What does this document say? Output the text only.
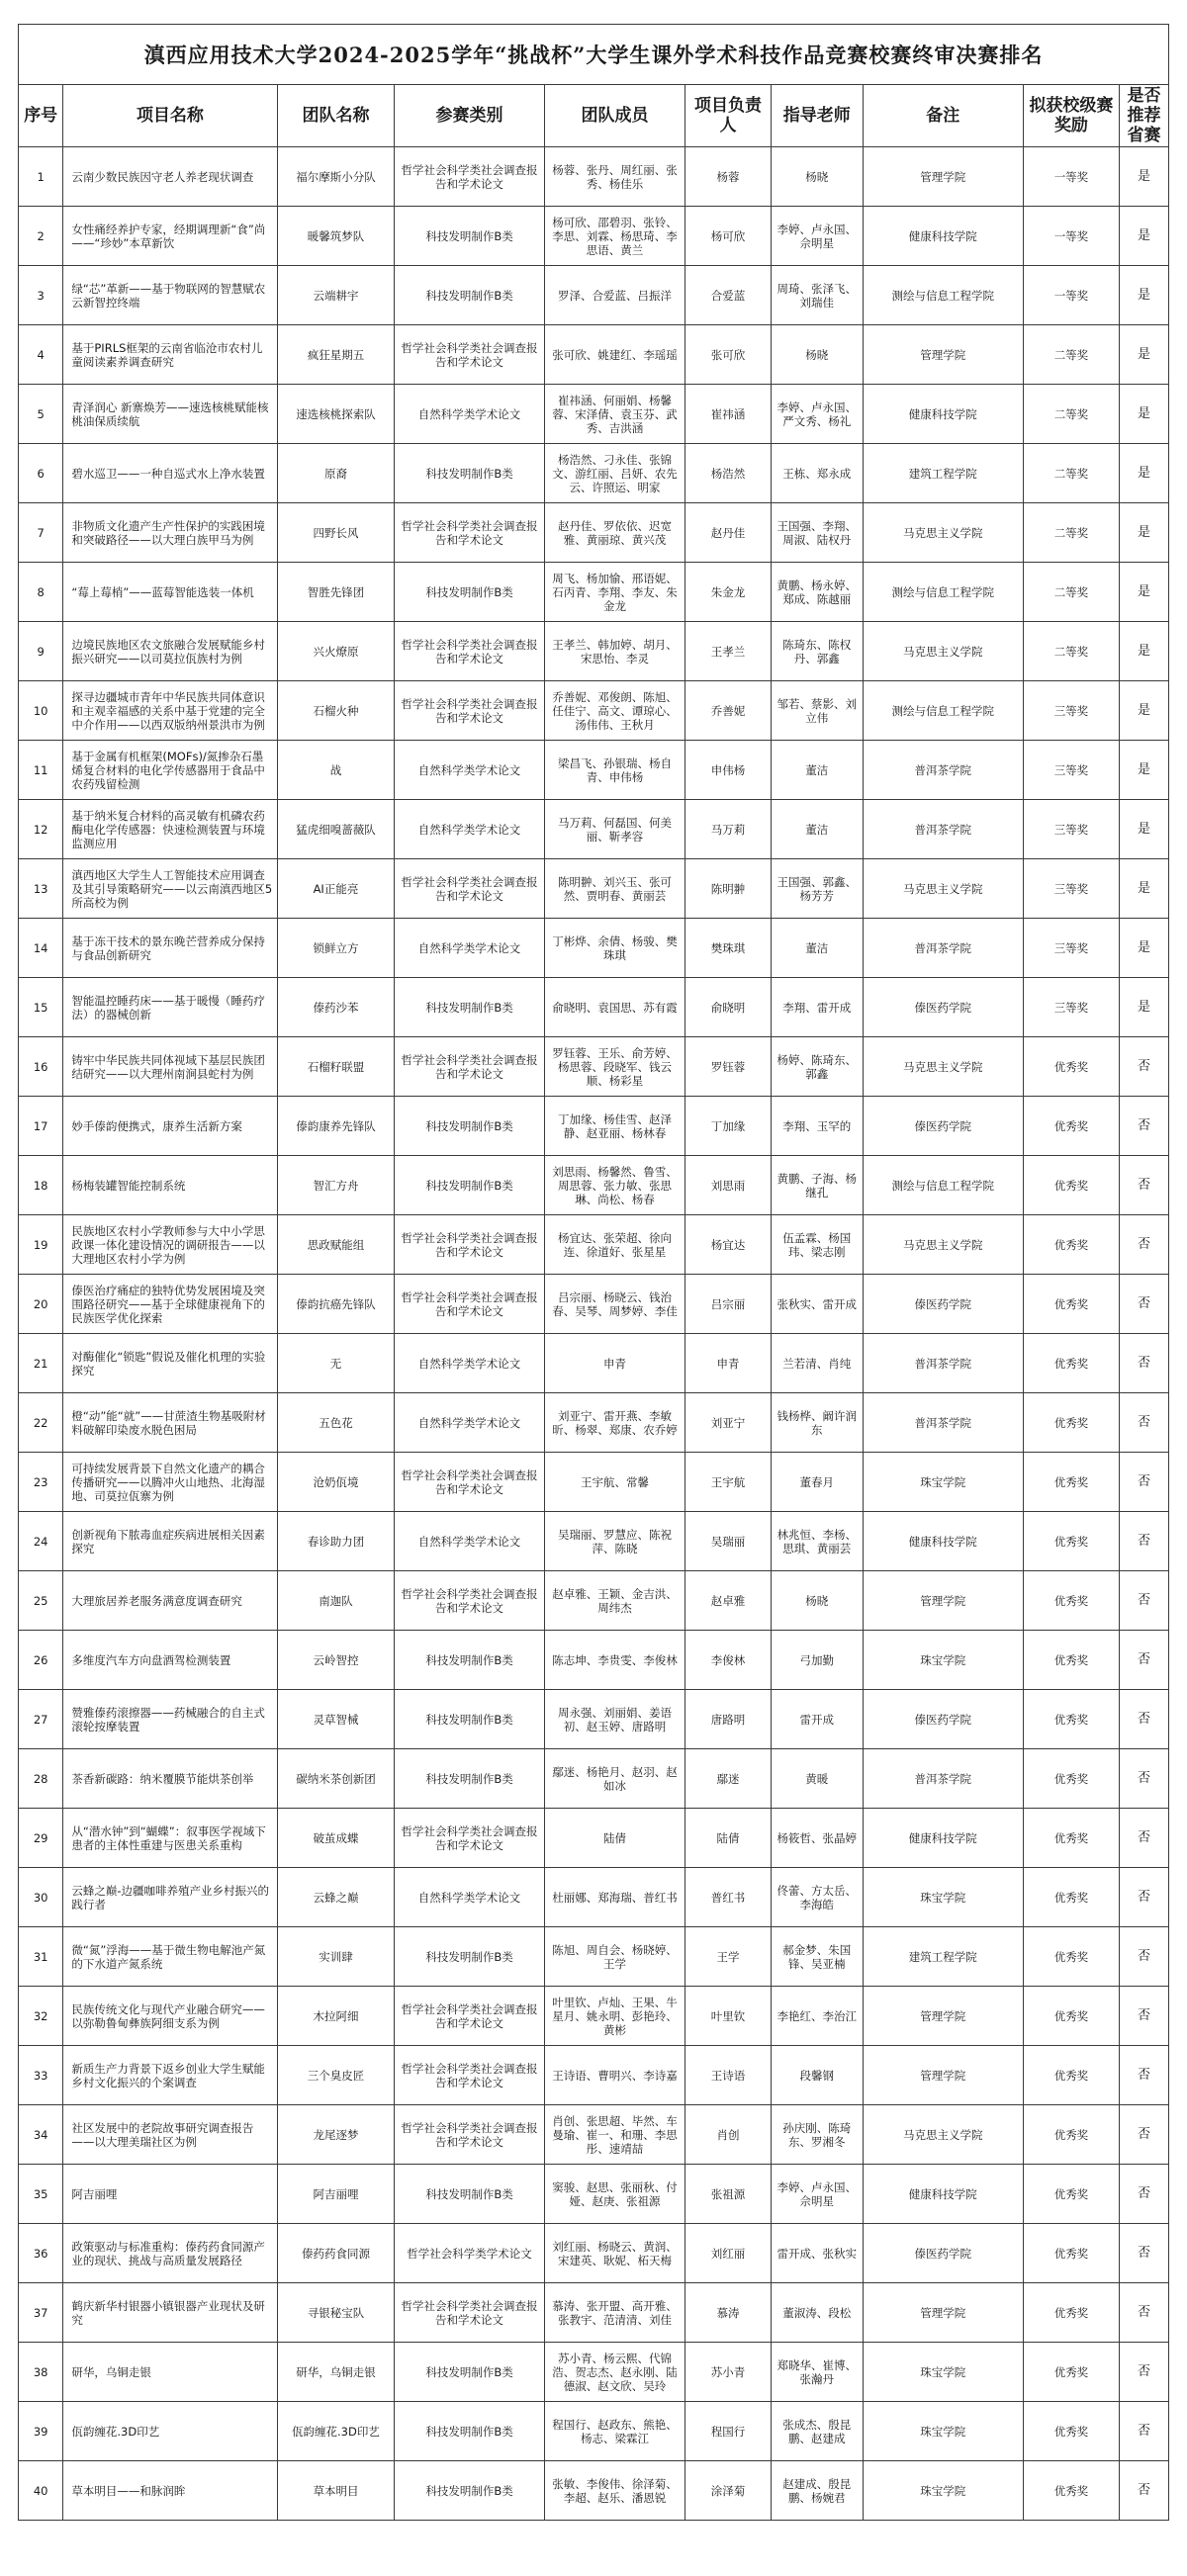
滇西应用技术大学2024-2025学年“挑战杯”大学生课外学术科技作品竞赛校赛终审决赛排名									
序号	项目名称	团队名称	参赛类别	团队成员	项目负责人	指导老师	备注	拟获校级赛奖励	是否推荐省赛
1	云南少数民族因守老人养老现状调查	福尔摩斯小分队	哲学社会科学类社会调查报告和学术论文	杨蓉、张丹、周红丽、张秀、杨佳乐	杨蓉	杨晓	管理学院	一等奖	是
2	女性痛经养护专家，经期调理新“食”尚——“珍妙”本草新饮	暖馨筑梦队	科技发明制作B类	杨可欣、邵碧羽、张铃、李思、刘霖、杨思琦、李思语、黄兰	杨可欣	李婷、卢永国、佘明星	健康科技学院	一等奖	是
3	绿“芯”革新——基于物联网的智慧赋农云新智控终端	云端耕宇	科技发明制作B类	罗泽、合爱蓝、吕振洋	合爱蓝	周琦、张泽飞、刘瑞佳	测绘与信息工程学院	一等奖	是
4	基于PIRLS框架的云南省临沧市农村儿童阅读素养调查研究	疯狂星期五	哲学社会科学类社会调查报告和学术论文	张可欣、姚建红、李瑶瑶	张可欣	杨晓	管理学院	二等奖	是
5	青泽润心 新寨焕芳——速选核桃赋能核桃油保质续航	速选核桃探索队	自然科学类学术论文	崔祎涵、何丽娟、杨馨蓉、宋泽倩、袁玉芬、武秀、吉洪涵	崔祎涵	李婷、卢永国、严文秀、杨礼	健康科技学院	二等奖	是
6	碧水巡卫——一种自巡式水上净水装置	原裔	科技发明制作B类	杨浩然、刁永佳、张锦文、游红丽、吕妍、农先云、许照运、明家	杨浩然	王栋、郑永成	建筑工程学院	二等奖	是
7	非物质文化遗产生产性保护的实践困境和突破路径——以大理白族甲马为例	四野长风	哲学社会科学类社会调查报告和学术论文	赵丹佳、罗依依、迟宽雅、黄丽琼、黄兴茂	赵丹佳	王国强、李翔、周淑、陆权丹	马克思主义学院	二等奖	是
8	“莓上莓梢”——蓝莓智能选装一体机	智胜先锋团	科技发明制作B类	周飞、杨加愉、邢语妮、石丙青、李翔、李友、朱金龙	朱金龙	黄鹏、杨永婷、郑成、陈越丽	测绘与信息工程学院	二等奖	是
9	边境民族地区农文旅融合发展赋能乡村振兴研究——以司莫拉佤族村为例	兴火燎原	哲学社会科学类社会调查报告和学术论文	王孝兰、韩加婷、胡月、宋思怡、李灵	王孝兰	陈琦东、陈权丹、郭鑫	马克思主义学院	二等奖	是
10	探寻边疆城市青年中华民族共同体意识和主观幸福感的关系中基于党建的完全中介作用——以西双版纳州景洪市为例	石榴火种	哲学社会科学类社会调查报告和学术论文	乔善妮、邓俊朗、陈旭、任佳宁、高文、谭琼心、汤伟伟、王秋月	乔善妮	邹若、蔡影、刘立伟	测绘与信息工程学院	三等奖	是
11	基于金属有机框架(MOFs)/氮掺杂石墨烯复合材料的电化学传感器用于食品中农药残留检测	战	自然科学类学术论文	梁昌飞、孙银瑞、杨自青、申伟杨	申伟杨	董洁	普洱茶学院	三等奖	是
12	基于纳米复合材料的高灵敏有机磷农药酶电化学传感器：快速检测装置与环境监测应用	猛虎细嗅蔷薇队	自然科学类学术论文	马万莉、何磊国、何美丽、靳孝容	马万莉	董洁	普洱茶学院	三等奖	是
13	滇西地区大学生人工智能技术应用调查及其引导策略研究——以云南滇西地区5所高校为例	AI正能亮	哲学社会科学类社会调查报告和学术论文	陈明翀、刘兴玉、张可然、贾明春、黄丽芸	陈明翀	王国强、郭鑫、杨芳芳	马克思主义学院	三等奖	是
14	基于冻干技术的景东晚芒营养成分保持与食品创新研究	锁鲜立方	自然科学类学术论文	丁彬烨、余倩、杨骏、樊珠琪	樊珠琪	董洁	普洱茶学院	三等奖	是
15	智能温控睡药床——基于暖慢（睡药疗法）的器械创新	傣药沙苯	科技发明制作B类	俞晓明、袁国思、苏有霞	俞晓明	李翔、雷开成	傣医药学院	三等奖	是
16	铸牢中华民族共同体视域下基层民族团结研究——以大理州南涧县蛇村为例	石榴籽联盟	哲学社会科学类社会调查报告和学术论文	罗钰蓉、王乐、俞芳婷、杨思蓉、段晓军、钱云顺、杨彩星	罗钰蓉	杨婷、陈琦东、郭鑫	马克思主义学院	优秀奖	否
17	妙手傣韵便携式，康养生活新方案	傣韵康养先锋队	科技发明制作B类	丁加缘、杨佳雪、赵泽静、赵亚丽、杨林春	丁加缘	李翔、玉罕的	傣医药学院	优秀奖	否
18	杨梅装罐智能控制系统	智汇方舟	科技发明制作B类	刘思雨、杨馨然、鲁雪、周思蓉、张力敏、张思琳、尚松、杨春	刘思雨	黄鹏、子海、杨继孔	测绘与信息工程学院	优秀奖	否
19	民族地区农村小学教师参与大中小学思政课一体化建设情况的调研报告——以大理地区农村小学为例	思政赋能组	哲学社会科学类社会调查报告和学术论文	杨宜达、张荣超、徐向连、徐道好、张星星	杨宜达	伍孟霖、杨国玮、梁志刚	马克思主义学院	优秀奖	否
20	傣医治疗痛症的独特优势发展困境及突围路径研究——基于全球健康视角下的民族医学优化探索	傣韵抗癌先锋队	哲学社会科学类社会调查报告和学术论文	吕宗丽、杨晓云、钱治春、吴琴、周梦婷、李佳	吕宗丽	张秋实、雷开成	傣医药学院	优秀奖	否
21	对酶催化“锁匙”假说及催化机理的实验探究	无	自然科学类学术论文	申青	申青	兰若清、肖纯	普洱茶学院	优秀奖	否
22	橙“动”能“就”——甘蔗渣生物基吸附材料破解印染废水脱色困局	五色花	自然科学类学术论文	刘亚宁、雷开燕、李敏昕、杨翠、郑康、农乔婷	刘亚宁	钱杨桦、阚许润东	普洱茶学院	优秀奖	否
23	可持续发展背景下自然文化遗产的耦合传播研究——以腾冲火山地热、北海湿地、司莫拉佤寨为例	沧奶佤境	哲学社会科学类社会调查报告和学术论文	王宇航、常馨	王宇航	董春月	珠宝学院	优秀奖	否
24	创新视角下脓毒血症疾病进展相关因素探究	春诊助力团	自然科学类学术论文	吴瑞丽、罗慧应、陈祝萍、陈晓	吴瑞丽	林兆恒、李杨、思琪、黄丽芸	健康科技学院	优秀奖	否
25	大理旅居养老服务满意度调查研究	南迦队	哲学社会科学类社会调查报告和学术论文	赵卓雅、王颖、金吉洪、周纬杰	赵卓雅	杨晓	管理学院	优秀奖	否
26	多维度汽车方向盘酒驾检测装置	云岭智控	科技发明制作B类	陈志坤、李贵雯、李俊林	李俊林	弓加勤	珠宝学院	优秀奖	否
27	赞雅傣药滚擦器——药械融合的自主式滚轮按摩装置	灵草智械	科技发明制作B类	周永强、刘丽娟、姜语初、赵玉婷、唐路明	唐路明	雷开成	傣医药学院	优秀奖	否
28	茶香新碳路：纳米覆膜节能烘茶创举	碳纳米茶创新团	科技发明制作B类	鄢迷、杨艳月、赵羽、赵如冰	鄢迷	黄暖	普洱茶学院	优秀奖	否
29	从“潜水钟”到“蝴蝶”：叙事医学视域下患者的主体性重建与医患关系重构	破茧成蝶	哲学社会科学类社会调查报告和学术论文	陆倩	陆倩	杨筱哲、张晶婷	健康科技学院	优秀奖	否
30	云蜂之巅-边疆咖啡养殖产业乡村振兴的践行者	云蜂之巅	自然科学类学术论文	杜丽娜、郑海瑞、普红书	普红书	佟蕾、方太岳、李海皓	珠宝学院	优秀奖	否
31	微“氮”浮海——基于微生物电解池产氮的下水道产氮系统	实训肆	科技发明制作B类	陈旭、周自会、杨晓婷、王学	王学	郝金梦、朱国锋、吴亚楠	建筑工程学院	优秀奖	否
32	民族传统文化与现代产业融合研究——以弥勒鲁甸彝族阿细支系为例	木拉阿细	哲学社会科学类社会调查报告和学术论文	叶里钦、卢灿、王果、牛星月、姚永明、彭艳玲、黄彬	叶里钦	李艳红、李治江	管理学院	优秀奖	否
33	新质生产力背景下返乡创业大学生赋能乡村文化振兴的个案调查	三个臭皮匠	哲学社会科学类社会调查报告和学术论文	王诗语、曹明兴、李诗嘉	王诗语	段馨钢	管理学院	优秀奖	否
34	社区发展中的老院故事研究调查报告——以大理美瑞社区为例	龙尾逐梦	哲学社会科学类社会调查报告和学术论文	肖创、张思超、毕然、车曼瑜、崔一、和珊、李思彤、速靖喆	肖创	孙庆刚、陈琦东、罗湘冬	马克思主义学院	优秀奖	否
35	阿吉丽哩	阿吉丽哩	科技发明制作B类	窦骏、赵思、张丽秋、付娅、赵庚、张祖源	张祖源	李婷、卢永国、佘明星	健康科技学院	优秀奖	否
36	政策驱动与标准重构：傣药药食同源产业的现状、挑战与高质量发展路径	傣药药食同源	哲学社会科学类学术论文	刘红丽、杨晓云、黄润、宋建英、耿妮、柘天梅	刘红丽	雷开成、张秋实	傣医药学院	优秀奖	否
37	鹤庆新华村银器小镇银器产业现状及研究	寻银秘宝队	哲学社会科学类社会调查报告和学术论文	慕涛、张开盟、高开雅、张教宇、范清清、刘佳	慕涛	董淑涛、段松	管理学院	优秀奖	否
38	研华，乌铜走银	研华，乌铜走银	科技发明制作B类	苏小青、杨云熙、代锦浩、贺志杰、赵永刚、陆德淑、赵文欣、吴玲	苏小青	郑晓华、崔博、张瀚丹	珠宝学院	优秀奖	否
39	佤韵缠花.3D印艺	佤韵缠花.3D印艺	科技发明制作B类	程国行、赵政东、熊艳、杨志、梁霖江	程国行	张成杰、殷昆鹏、赵建成	珠宝学院	优秀奖	否
40	草本明目——和脉润眸	草本明目	科技发明制作B类	张敏、李俊伟、徐泽菊、李超、赵乐、潘恩锐	涂泽菊	赵建成、殷昆鹏、杨婉君	珠宝学院	优秀奖	否
